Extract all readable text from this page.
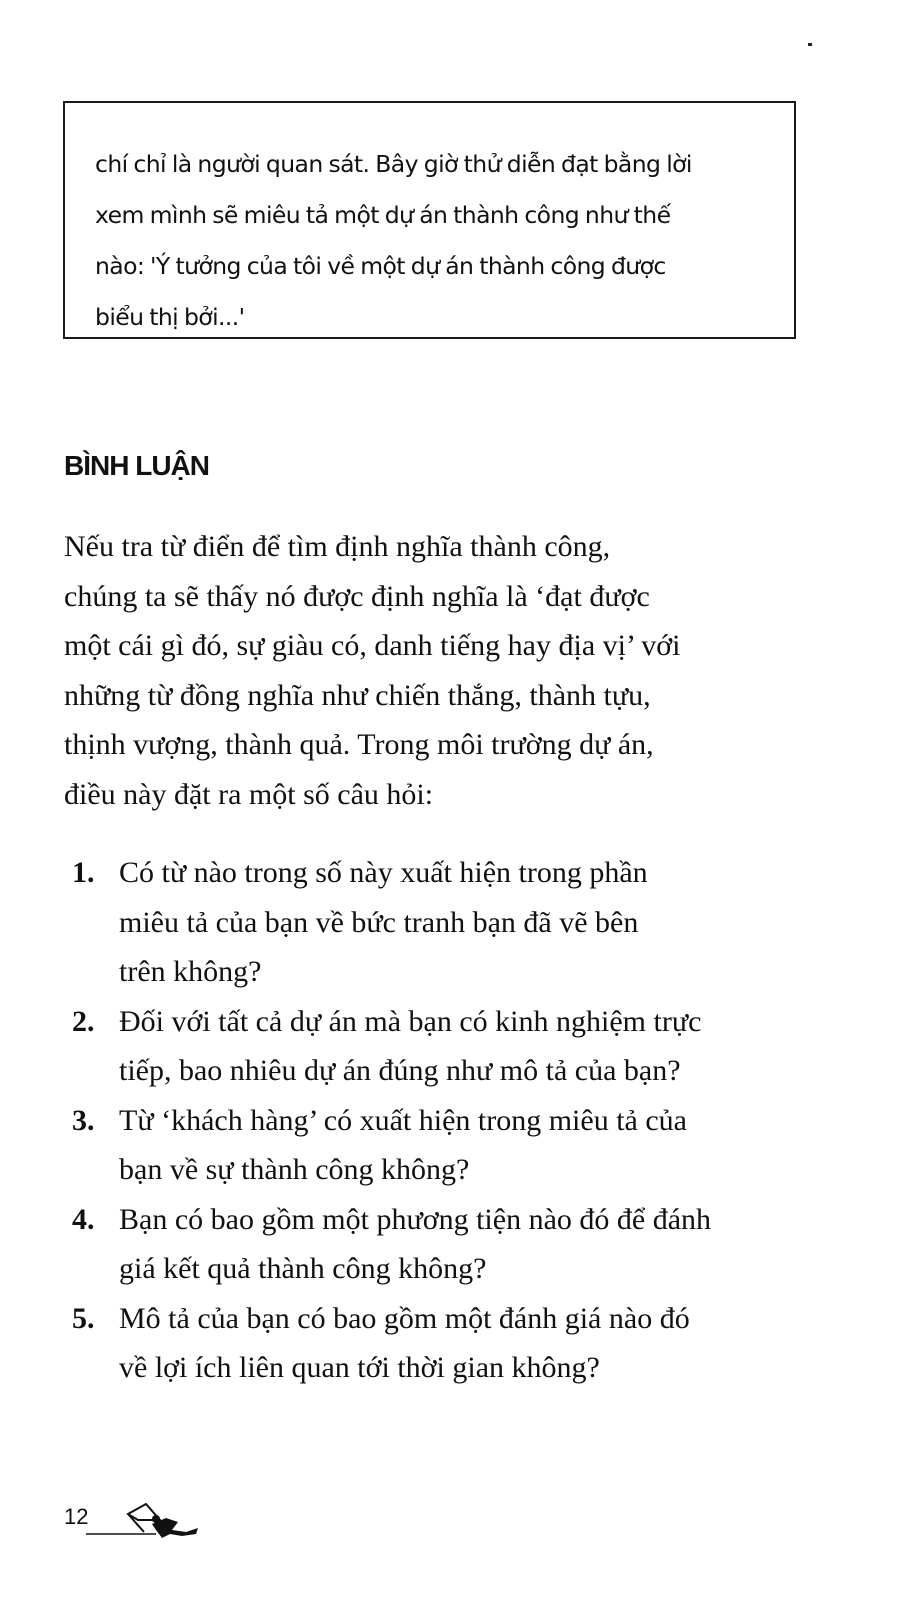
chí chỉ là người quan sát. Bây giờ thử diễn đạt bằng lời
xem mình sẽ miêu tả một dự án thành công như thế
nào: 'Ý tưởng của tôi về một dự án thành công được
biểu thị bởi...'
BÌNH LUẬN

Nếu tra từ điển để tìm định nghĩa thành công,
chúng ta sẽ thấy nó được định nghĩa là ‘đạt được
một cái gì đó, sự giàu có, danh tiếng hay địa vị’ với
những từ đồng nghĩa như chiến thắng, thành tựu,
thịnh vượng, thành quả. Trong môi trường dự án,
điều này đặt ra một số câu hỏi:

1. Có từ nào trong số này xuất hiện trong phần
miêu tả của bạn về bức tranh bạn đã vẽ bên
trên không?
2. Đối với tất cả dự án mà bạn có kinh nghiệm trực
tiếp, bao nhiêu dự án đúng như mô tả của bạn?
3. Từ ‘khách hàng’ có xuất hiện trong miêu tả của
bạn về sự thành công không?
4. Bạn có bao gồm một phương tiện nào đó để đánh
giá kết quả thành công không?
5. Mô tả của bạn có bao gồm một đánh giá nào đó
về lợi ích liên quan tới thời gian không?
12
